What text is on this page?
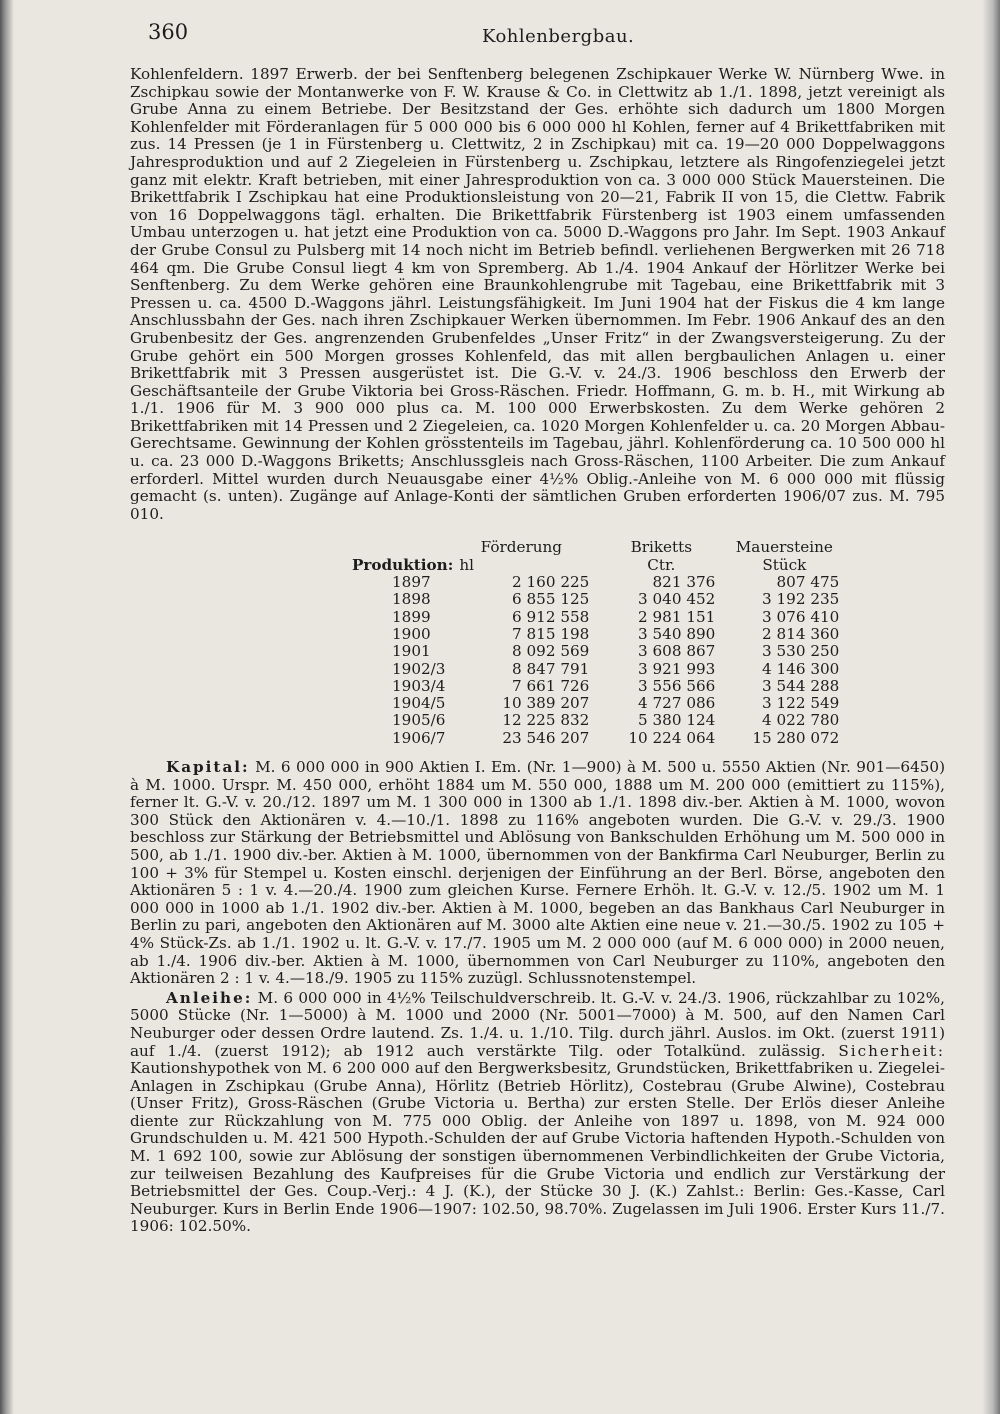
360	Kohlenbergbau.

Kohlenfeldern. 1897 Erwerb. der bei Senftenberg belegenen Zschipkauer Werke W. Nürnberg Wwe. in Zschipkau sowie der Montanwerke von F. W. Krause & Co. in Clettwitz ab 1./1. 1898, jetzt vereinigt als Grube Anna zu einem Betriebe. Der Besitzstand der Ges. erhöhte sich dadurch um 1800 Morgen Kohlenfelder mit Förderanlagen für 5 000 000 bis 6 000 000 hl Kohlen, ferner auf 4 Brikettfabriken mit zus. 14 Pressen (je 1 in Fürstenberg u. Clettwitz, 2 in Zschipkau) mit ca. 19—20 000 Doppelwaggons Jahresproduktion und auf 2 Ziegeleien in Fürstenberg u. Zschipkau, letztere als Ringofenziegelei jetzt ganz mit elektr. Kraft betrieben, mit einer Jahresproduktion von ca. 3 000 000 Stück Mauersteinen. Die Brikettfabrik I Zschipkau hat eine Produktionsleistung von 20—21, Fabrik II von 15, die Clettw. Fabrik von 16 Doppelwaggons tägl. erhalten. Die Brikettfabrik Fürstenberg ist 1903 einem umfassenden Umbau unterzogen u. hat jetzt eine Produktion von ca. 5000 D.-Waggons pro Jahr. Im Sept. 1903 Ankauf der Grube Consul zu Pulsberg mit 14 noch nicht im Betrieb befindl. verliehenen Bergwerken mit 26 718 464 qm. Die Grube Consul liegt 4 km von Spremberg. Ab 1./4. 1904 Ankauf der Hörlitzer Werke bei Senftenberg. Zu dem Werke gehören eine Braunkohlengrube mit Tagebau, eine Brikettfabrik mit 3 Pressen u. ca. 4500 D.-Waggons jährl. Leistungsfähigkeit. Im Juni 1904 hat der Fiskus die 4 km lange Anschlussbahn der Ges. nach ihren Zschipkauer Werken übernommen. Im Febr. 1906 Ankauf des an den Grubenbesitz der Ges. angrenzenden Grubenfeldes „Unser Fritz“ in der Zwangsversteigerung. Zu der Grube gehört ein 500 Morgen grosses Kohlenfeld, das mit allen bergbaulichen Anlagen u. einer Brikettfabrik mit 3 Pressen ausgerüstet ist. Die G.-V. v. 24./3. 1906 beschloss den Erwerb der Geschäftsanteile der Grube Viktoria bei Gross-Räschen. Friedr. Hoffmann, G. m. b. H., mit Wirkung ab 1./1. 1906 für M. 3 900 000 plus ca. M. 100 000 Erwerbskosten. Zu dem Werke gehören 2 Brikettfabriken mit 14 Pressen und 2 Ziegeleien, ca. 1020 Morgen Kohlenfelder u. ca. 20 Morgen Abbau-Gerechtsame. Gewinnung der Kohlen grösstenteils im Tagebau, jährl. Kohlenförderung ca. 10 500 000 hl u. ca. 23 000 D.-Waggons Briketts; Anschlussgleis nach Gross-Räschen, 1100 Arbeiter. Die zum Ankauf erforderl. Mittel wurden durch Neuausgabe einer 4½% Oblig.-Anleihe von M. 6 000 000 mit flüssig gemacht (s. unten). Zugänge auf Anlage-Konti der sämtlichen Gruben erforderten 1906/07 zus. M. 795 010.

	Förderung	Briketts	Mauersteine
Produktion:	hl	Ctr.	Stück
1897	2 160 225	821 376	807 475
1898	6 855 125	3 040 452	3 192 235
1899	6 912 558	2 981 151	3 076 410
1900	7 815 198	3 540 890	2 814 360
1901	8 092 569	3 608 867	3 530 250
1902/3	8 847 791	3 921 993	4 146 300
1903/4	7 661 726	3 556 566	3 544 288
1904/5	10 389 207	4 727 086	3 122 549
1905/6	12 225 832	5 380 124	4 022 780
1906/7	23 546 207	10 224 064	15 280 072

Kapital: M. 6 000 000 in 900 Aktien I. Em. (Nr. 1—900) à M. 500 u. 5550 Aktien (Nr. 901—6450) à M. 1000. Urspr. M. 450 000, erhöht 1884 um M. 550 000, 1888 um M. 200 000 (emittiert zu 115%), ferner lt. G.-V. v. 20./12. 1897 um M. 1 300 000 in 1300 ab 1./1. 1898 div.-ber. Aktien à M. 1000, wovon 300 Stück den Aktionären v. 4.—10./1. 1898 zu 116% angeboten wurden. Die G.-V. v. 29./3. 1900 beschloss zur Stärkung der Betriebsmittel und Ablösung von Bankschulden Erhöhung um M. 500 000 in 500, ab 1./1. 1900 div.-ber. Aktien à M. 1000, übernommen von der Bankfirma Carl Neuburger, Berlin zu 100 + 3% für Stempel u. Kosten einschl. derjenigen der Einführung an der Berl. Börse, angeboten den Aktionären 5 : 1 v. 4.—20./4. 1900 zum gleichen Kurse. Fernere Erhöh. lt. G.-V. v. 12./5. 1902 um M. 1 000 000 in 1000 ab 1./1. 1902 div.-ber. Aktien à M. 1000, begeben an das Bankhaus Carl Neuburger in Berlin zu pari, angeboten den Aktionären auf M. 3000 alte Aktien eine neue v. 21.—30./5. 1902 zu 105 + 4% Stück-Zs. ab 1./1. 1902 u. lt. G.-V. v. 17./7. 1905 um M. 2 000 000 (auf M. 6 000 000) in 2000 neuen, ab 1./4. 1906 div.-ber. Aktien à M. 1000, übernommen von Carl Neuburger zu 110%, angeboten den Aktionären 2 : 1 v. 4.—18./9. 1905 zu 115% zuzügl. Schlussnotenstempel.

Anleihe: M. 6 000 000 in 4½% Teilschuldverschreib. lt. G.-V. v. 24./3. 1906, rückzahlbar zu 102%, 5000 Stücke (Nr. 1—5000) à M. 1000 und 2000 (Nr. 5001—7000) à M. 500, auf den Namen Carl Neuburger oder dessen Ordre lautend. Zs. 1./4. u. 1./10. Tilg. durch jährl. Auslos. im Okt. (zuerst 1911) auf 1./4. (zuerst 1912); ab 1912 auch verstärkte Tilg. oder Totalkünd. zulässig. Sicherheit: Kautionshypothek von M. 6 200 000 auf den Bergwerksbesitz, Grundstücken, Brikettfabriken u. Ziegelei-Anlagen in Zschipkau (Grube Anna), Hörlitz (Betrieb Hörlitz), Costebrau (Grube Alwine), Costebrau (Unser Fritz), Gross-Räschen (Grube Victoria u. Bertha) zur ersten Stelle. Der Erlös dieser Anleihe diente zur Rückzahlung von M. 775 000 Oblig. der Anleihe von 1897 u. 1898, von M. 924 000 Grundschulden u. M. 421 500 Hypoth.-Schulden der auf Grube Victoria haftenden Hypoth.-Schulden von M. 1 692 100, sowie zur Ablösung der sonstigen übernommenen Verbindlichkeiten der Grube Victoria, zur teilweisen Bezahlung des Kaufpreises für die Grube Victoria und endlich zur Verstärkung der Betriebsmittel der Ges. Coup.-Verj.: 4 J. (K.), der Stücke 30 J. (K.) Zahlst.: Berlin: Ges.-Kasse, Carl Neuburger. Kurs in Berlin Ende 1906—1907: 102.50, 98.70%. Zugelassen im Juli 1906. Erster Kurs 11./7. 1906: 102.50%.
